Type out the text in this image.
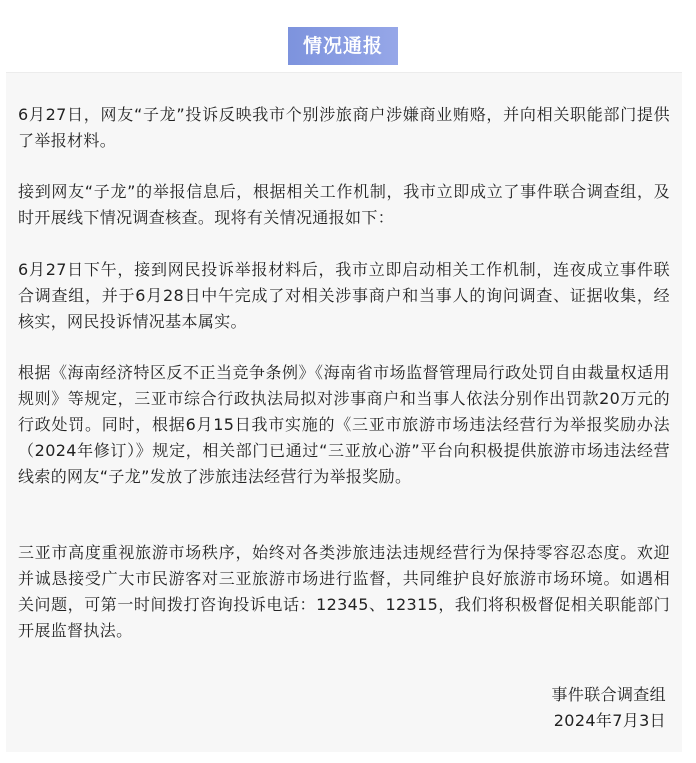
情况通报

6月27日，网友“子龙”投诉反映我市个别涉旅商户涉嫌商业贿赂，并向相关职能部门提供了举报材料。

接到网友“子龙”的举报信息后，根据相关工作机制，我市立即成立了事件联合调查组，及时开展线下情况调查核查。现将有关情况通报如下：

6月27日下午，接到网民投诉举报材料后，我市立即启动相关工作机制，连夜成立事件联合调查组，并于6月28日中午完成了对相关涉事商户和当事人的询问调查、证据收集，经核实，网民投诉情况基本属实。

根据《海南经济特区反不正当竞争条例》《海南省市场监督管理局行政处罚自由裁量权适用规则》等规定，三亚市综合行政执法局拟对涉事商户和当事人依法分别作出罚款20万元的行政处罚。同时，根据6月15日我市实施的《三亚市旅游市场违法经营行为举报奖励办法（2024年修订）》规定，相关部门已通过“三亚放心游”平台向积极提供旅游市场违法经营线索的网友“子龙”发放了涉旅违法经营行为举报奖励。

三亚市高度重视旅游市场秩序，始终对各类涉旅违法违规经营行为保持零容忍态度。欢迎并诚恳接受广大市民游客对三亚旅游市场进行监督，共同维护良好旅游市场环境。如遇相关问题，可第一时间拨打咨询投诉电话：12345、12315，我们将积极督促相关职能部门开展监督执法。

事件联合调查组
2024年7月3日
